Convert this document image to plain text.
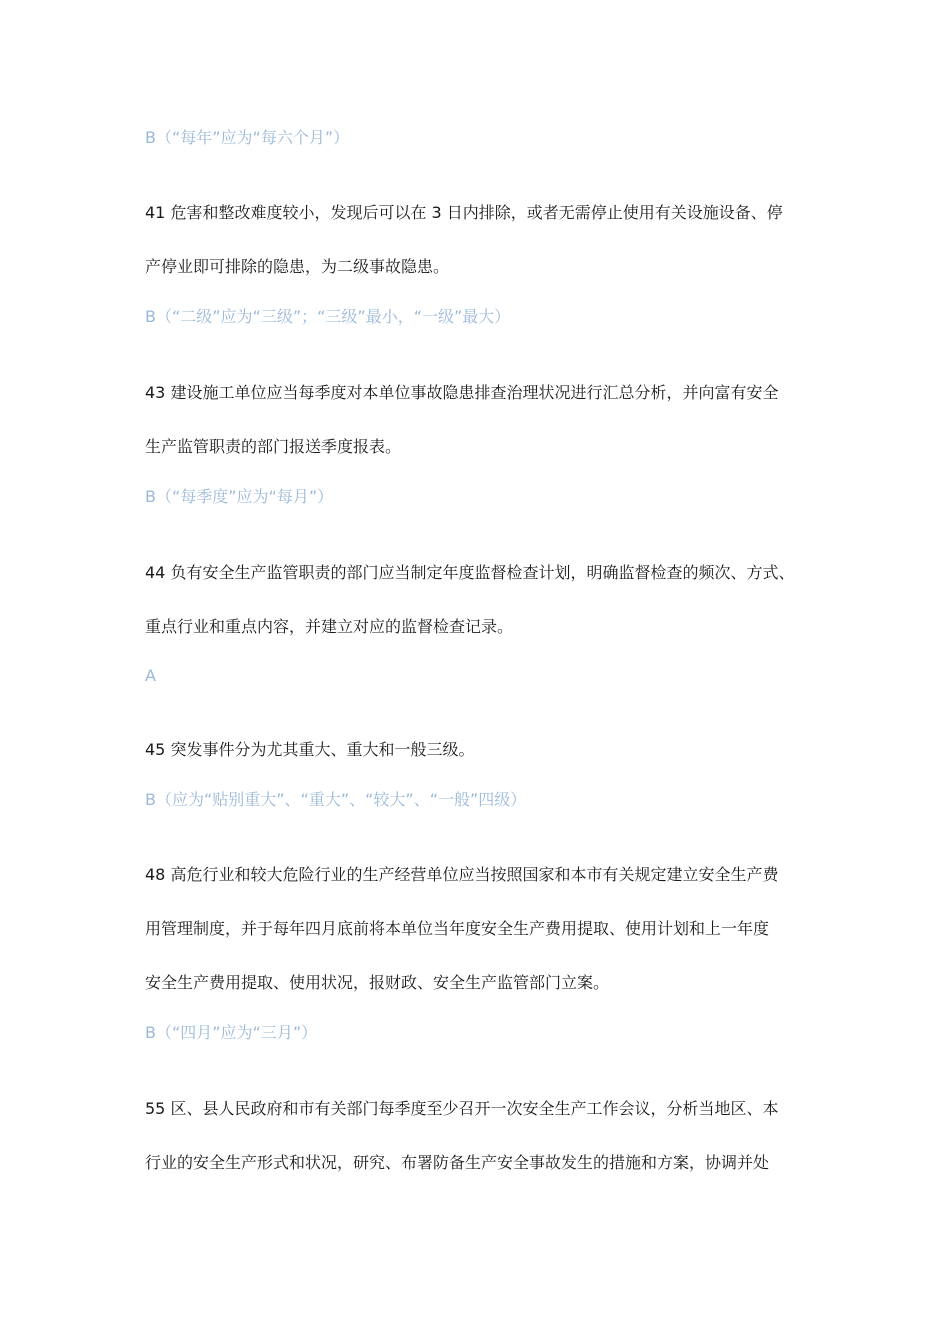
B（“每年”应为“每六个月”）
41 危害和整改难度较小，发现后可以在 3 日内排除，或者无需停止使用有关设施设备、停
产停业即可排除的隐患，为二级事故隐患。
B（“二级”应为“三级”；“三级”最小，“一级”最大）
43 建设施工单位应当每季度对本单位事故隐患排查治理状况进行汇总分析，并向富有安全
生产监管职责的部门报送季度报表。
B（“每季度”应为“每月”）
44 负有安全生产监管职责的部门应当制定年度监督检查计划，明确监督检查的频次、方式、
重点行业和重点内容，并建立对应的监督检查记录。
A
45 突发事件分为尤其重大、重大和一般三级。
B（应为“贴别重大”、“重大”、“较大”、“一般”四级）
48 高危行业和较大危险行业的生产经营单位应当按照国家和本市有关规定建立安全生产费
用管理制度，并于每年四月底前将本单位当年度安全生产费用提取、使用计划和上一年度
安全生产费用提取、使用状况，报财政、安全生产监管部门立案。
B（“四月”应为“三月”）
55 区、县人民政府和市有关部门每季度至少召开一次安全生产工作会议，分析当地区、本
行业的安全生产形式和状况，研究、布署防备生产安全事故发生的措施和方案，协调并处
